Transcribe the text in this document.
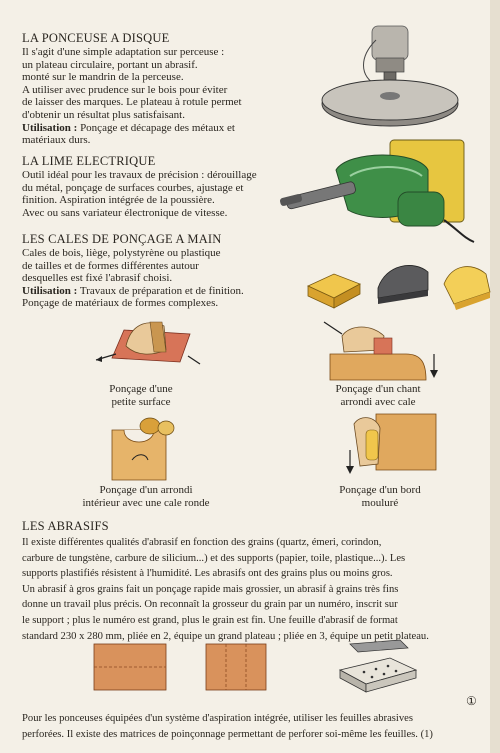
LA PONCEUSE A DISQUE
Il s'agit d'une simple adaptation sur perceuse :
un plateau circulaire, portant un abrasif.
monté sur le mandrin de la perceuse.
A utiliser avec prudence sur le bois pour éviter
de laisser des marques. Le plateau à rotule permet
d'obtenir un résultat plus satisfaisant.
Utilisation : Ponçage et décapage des métaux et
matériaux durs.
LA LIME ELECTRIQUE
Outil idéal pour les travaux de précision : dérouillage
du métal, ponçage de surfaces courbes, ajustage et
finition. Aspiration intégrée de la poussière.
Avec ou sans variateur électronique de vitesse.
LES CALES DE PONÇAGE A MAIN
Cales de bois, liège, polystyrène ou plastique
de tailles et de formes différentes autour
desquelles est fixé l'abrasif choisi.
Utilisation : Travaux de préparation et de finition.
Ponçage de matériaux de formes complexes.
Ponçage d'une
petite surface
Ponçage d'un chant
arrondi avec cale
Ponçage d'un arrondi
intérieur avec une cale ronde
Ponçage d'un bord
mouluré
LES ABRASIFS
Il existe différentes qualités d'abrasif en fonction des grains (quartz, émeri, corindon,
carbure de tungstène, carbure de silicium...) et des supports (papier, toile, plastique...). Les
supports plastifiés résistent à l'humidité. Les abrasifs ont des grains plus ou moins gros.
Un abrasif à gros grains fait un ponçage rapide mais grossier, un abrasif à grains très fins
donne un travail plus précis. On reconnaît la grosseur du grain par un numéro, inscrit sur
le support ; plus le numéro est grand, plus le grain est fin. Une feuille d'abrasif de format
standard 230 x 280 mm, pliée en 2, équipe un grand plateau ; pliée en 3, équipe un petit plateau.
①
Pour les ponceuses équipées d'un système d'aspiration intégrée, utiliser les feuilles abrasives
perforées. Il existe des matrices de poinçonnage permettant de perforer soi-même les feuilles. (1)
